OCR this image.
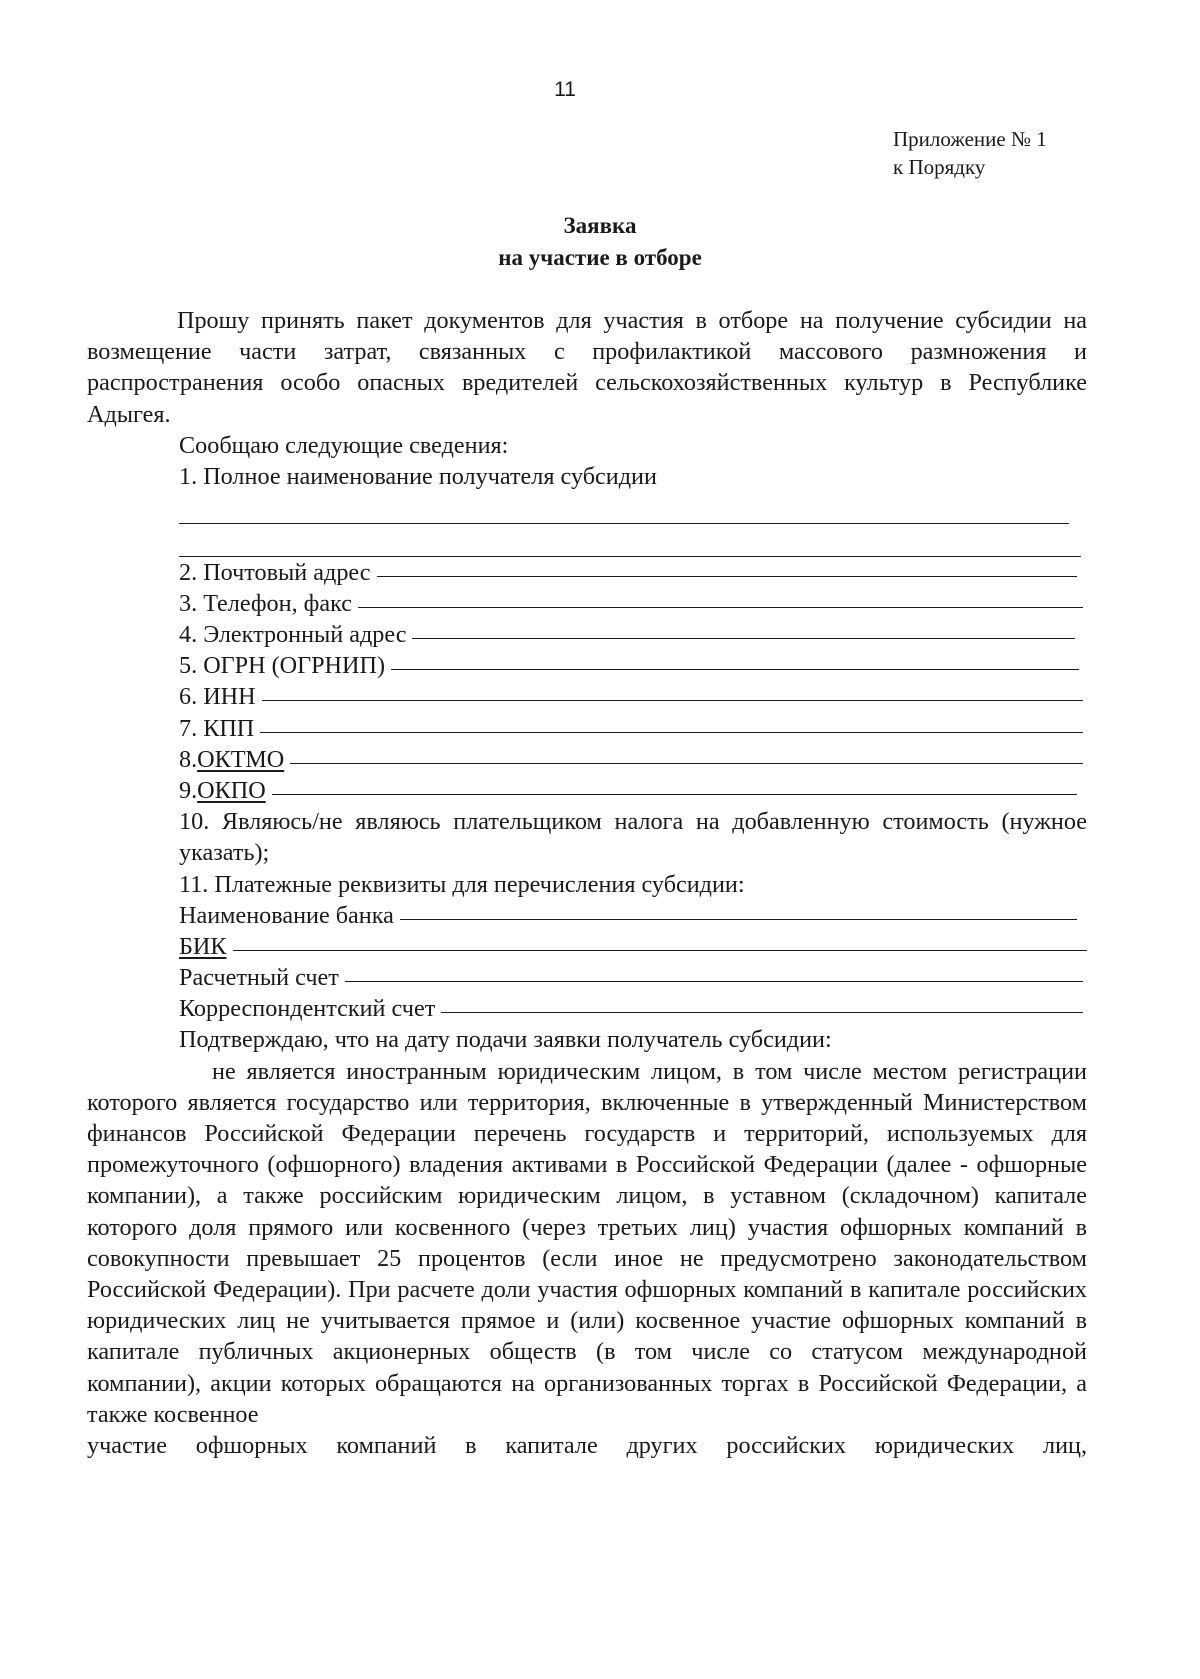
11
Приложение № 1
к Порядку
Заявка
на участие в отборе

Прошу принять пакет документов для участия в отборе на получение субсидии на возмещение части затрат, связанных с профилактикой массового размножения и распространения особо опасных вредителей сельскохозяйственных культур в Республике Адыгея.

Сообщаю следующие сведения:
1. Полное наименование получателя субсидии
2. Почтовый адрес
3. Телефон, факс
4. Электронный адрес
5. ОГРН (ОГРНИП)
6. ИНН
7. КПП
8. ОКТМО
9. ОКПО

10. Являюсь/не являюсь плательщиком налога на добавленную стоимость (нужное указать);

11. Платежные реквизиты для перечисления субсидии:
Наименование банка
БИК
Расчетный счет
Корреспондентский счет
Подтверждаю, что на дату подачи заявки получатель субсидии:

не является иностранным юридическим лицом, в том числе местом регистрации которого является государство или территория, включенные в утвержденный Министерством финансов Российской Федерации перечень государств и территорий, используемых для промежуточного (офшорного) владения активами в Российской Федерации (далее - офшорные компании), а также российским юридическим лицом, в уставном (складочном) капитале которого доля прямого или косвенного (через третьих лиц) участия офшорных компаний в совокупности превышает 25 процентов (если иное не предусмотрено законодательством Российской Федерации). При расчете доли участия офшорных компаний в капитале российских юридических лиц не учитывается прямое и (или) косвенное участие офшорных компаний в капитале публичных акционерных обществ (в том числе со статусом международной компании), акции которых обращаются на организованных торгах в Российской Федерации, а также косвенное

участие офшорных компаний в капитале других российских юридических лиц,
